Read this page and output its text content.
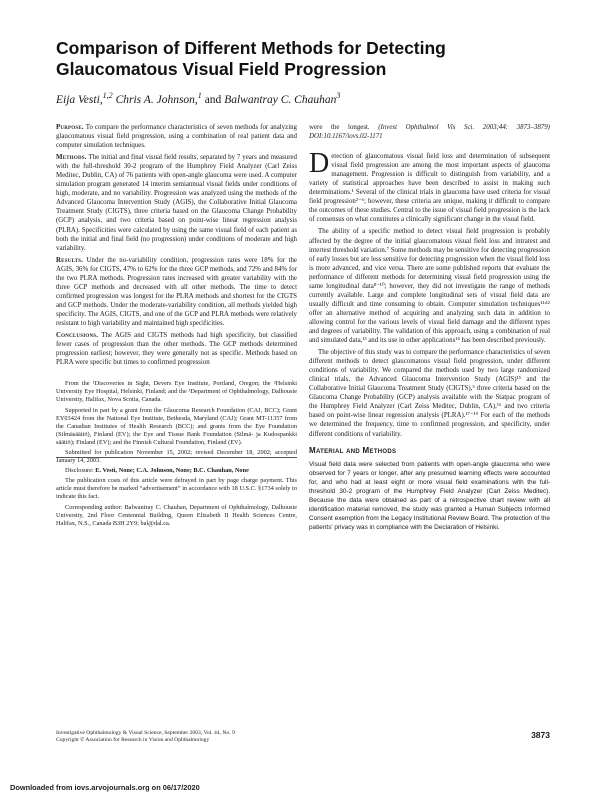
Comparison of Different Methods for Detecting Glaucomatous Visual Field Progression

Eija Vesti,$^{1,2}$ Chris A. Johnson,$^1$ and Balwantray C. Chauhan$^3$

Purpose. To compare the performance characteristics of seven methods for analyzing glaucomatous visual field progression, using a combination of real patient data and computer simulation techniques.

Methods. The initial and final visual field results, separated by 7 years and measured with the full-threshold 30-2 program of the Humphrey Field Analyzer (Carl Zeiss Meditec, Dublin, CA) of 76 patients with open-angle glaucoma were used. A computer simulation program generated 14 interim semiannual visual fields under conditions of high, moderate, and no variability. Progression was analyzed using the methods of the Advanced Glaucoma Intervention Study (AGIS), the Collaborative Initial Glaucoma Treatment Study (CIGTS), three criteria based on the Glaucoma Change Probability (GCP) analysis, and two criteria based on point-wise linear regression analysis (PLRA). Specificities were calculated by using the same visual field of each patient as both the initial and final field (no progression) under conditions of moderate and high variability.

Results. Under the no-variability condition, progression rates were 18% for the AGIS, 36% for CIGTS, 47% to 62% for the three GCP methods, and 72% and 84% for the two PLRA methods. Progression rates increased with greater variability with the three GCP methods and decreased with all other methods. The time to detect confirmed progression was longest for the PLRA methods and shortest for the CIGTS and GCP methods. Under the moderate-variability condition, all methods yielded high specificity. The AGIS, CIGTS, and one of the GCP and PLRA methods were relatively resistant to high variability and maintained high specificities.

Conclusions. The AGIS and CIGTS methods had high specificity, but classified fewer cases of progression than the other methods. The GCP methods determined progression earliest; however, they were generally not as specific. Methods based on PLRA were specific but times to confirmed progression

From the ¹Discoveries in Sight, Devers Eye Institute, Portland, Oregon; the ²Helsinki University Eye Hospital, Helsinki, Finland; and the ³Department of Ophthalmology, Dalhousie University, Halifax, Nova Scotia, Canada.

Supported in part by a grant from the Glaucoma Research Foundation (CAJ, BCC); Grant EY03424 from the National Eye Institute, Bethesda, Maryland (CAJ); Grant MT-11357 from the Canadian Institutes of Health Research (BCC); and grants from the Eye Foundation (Silmäsäätiö), Finland (EV); the Eye and Tissue Bank Foundation (Silmä- ja Kudospankki säätiö); Finland (EV); and the Finnish Cultural Foundation, Finland (EV).

Submitted for publication November 15, 2002; revised December 18, 2002; accepted January 14, 2003.

Disclosure: E. Vesti, None; C.A. Johnson, None; B.C. Chauhan, None

The publication costs of this article were defrayed in part by page charge payment. This article must therefore be marked “advertisement” in accordance with 18 U.S.C. §1734 solely to indicate this fact.

Corresponding author: Balwantray C. Chauhan, Department of Ophthalmology, Dalhousie University, 2nd Floor Centennial Building, Queen Elizabeth II Health Sciences Centre, Halifax, N.S., Canada B3H 2Y9; bal@dal.ca.

were the longest. (Invest Ophthalmol Vis Sci. 2003;44: 3873–3879) DOI:10.1167/iovs.02-1171

Detection of glaucomatous visual field loss and determination of subsequent visual field progression are among the most important aspects of glaucoma management. Progression is difficult to distinguish from variability, and a variety of statistical approaches have been described to assist in making such determinations.¹ Several of the clinical trials in glaucoma have used criteria for visual field progression²⁻⁶; however, these criteria are unique, making it difficult to compare the outcomes of these studies. Central to the issue of visual field progression is the lack of consensus on what constitutes a clinically significant change in the visual field.

The ability of a specific method to detect visual field progression is probably affected by the degree of the initial glaucomatous visual field loss and intratest and intertest threshold variation.⁷ Some methods may be sensitive for detecting progression of early losses but are less sensitive for detecting progression when the visual field loss is more advanced, and vice versa. There are some published reports that evaluate the performance of different methods for determining visual field progression using the same longitudinal data⁸⁻¹⁰; however, they did not investigate the range of methods currently available. Large and complete longitudinal sets of visual field data are usually difficult and time consuming to obtain. Computer simulation techniques¹¹ʴ¹² offer an alternative method of acquiring and analyzing such data in addition to allowing control for the various levels of visual field damage and the different types and degrees of variability. The validation of this approach, using a combination of real and simulated data,¹³ and its use in other applications¹⁴ has been described previously.

The objective of this study was to compare the performance characteristics of seven different methods to detect glaucomatous visual field progression, under different conditions of variability. We compared the methods used by two large randomized clinical trials, the Advanced Glaucoma Intervention Study (AGIS)¹⁵ and the Collaborative Initial Glaucoma Treatment Study (CIGTS),⁵ three criteria based on the Glaucoma Change Probability (GCP) analysis available with the Statpac program of the Humphrey Field Analyzer (Carl Zeiss Meditec, Dublin, CA),¹⁶ and two criteria based on point-wise linear regression analysis (PLRA).¹⁷⁻¹⁹ For each of the methods we determined the frequency, time to confirmed progression, and specificity, under different conditions of variability.

Material and Methods

Visual field data were selected from patients with open-angle glaucoma who were observed for 7 years or longer, after any presumed learning effects were accounted for, and who had at least eight or more visual field examinations with the full-threshold 30-2 program of the Humphrey Field Analyzer (Carl Zeiss Meditec). Because the data were obtained as part of a retrospective chart review with all identification material removed, the study was granted a Human Subjects Informed Consent exemption from the Legacy Institutional Review Board. The protection of the patients' privacy was in compliance with the Declaration of Helsinki.

Investigative Ophthalmology & Visual Science, September 2003, Vol. 44, No. 9
Copyright © Association for Research in Vision and Ophthalmology
3873
Downloaded from iovs.arvojournals.org on 06/17/2020
